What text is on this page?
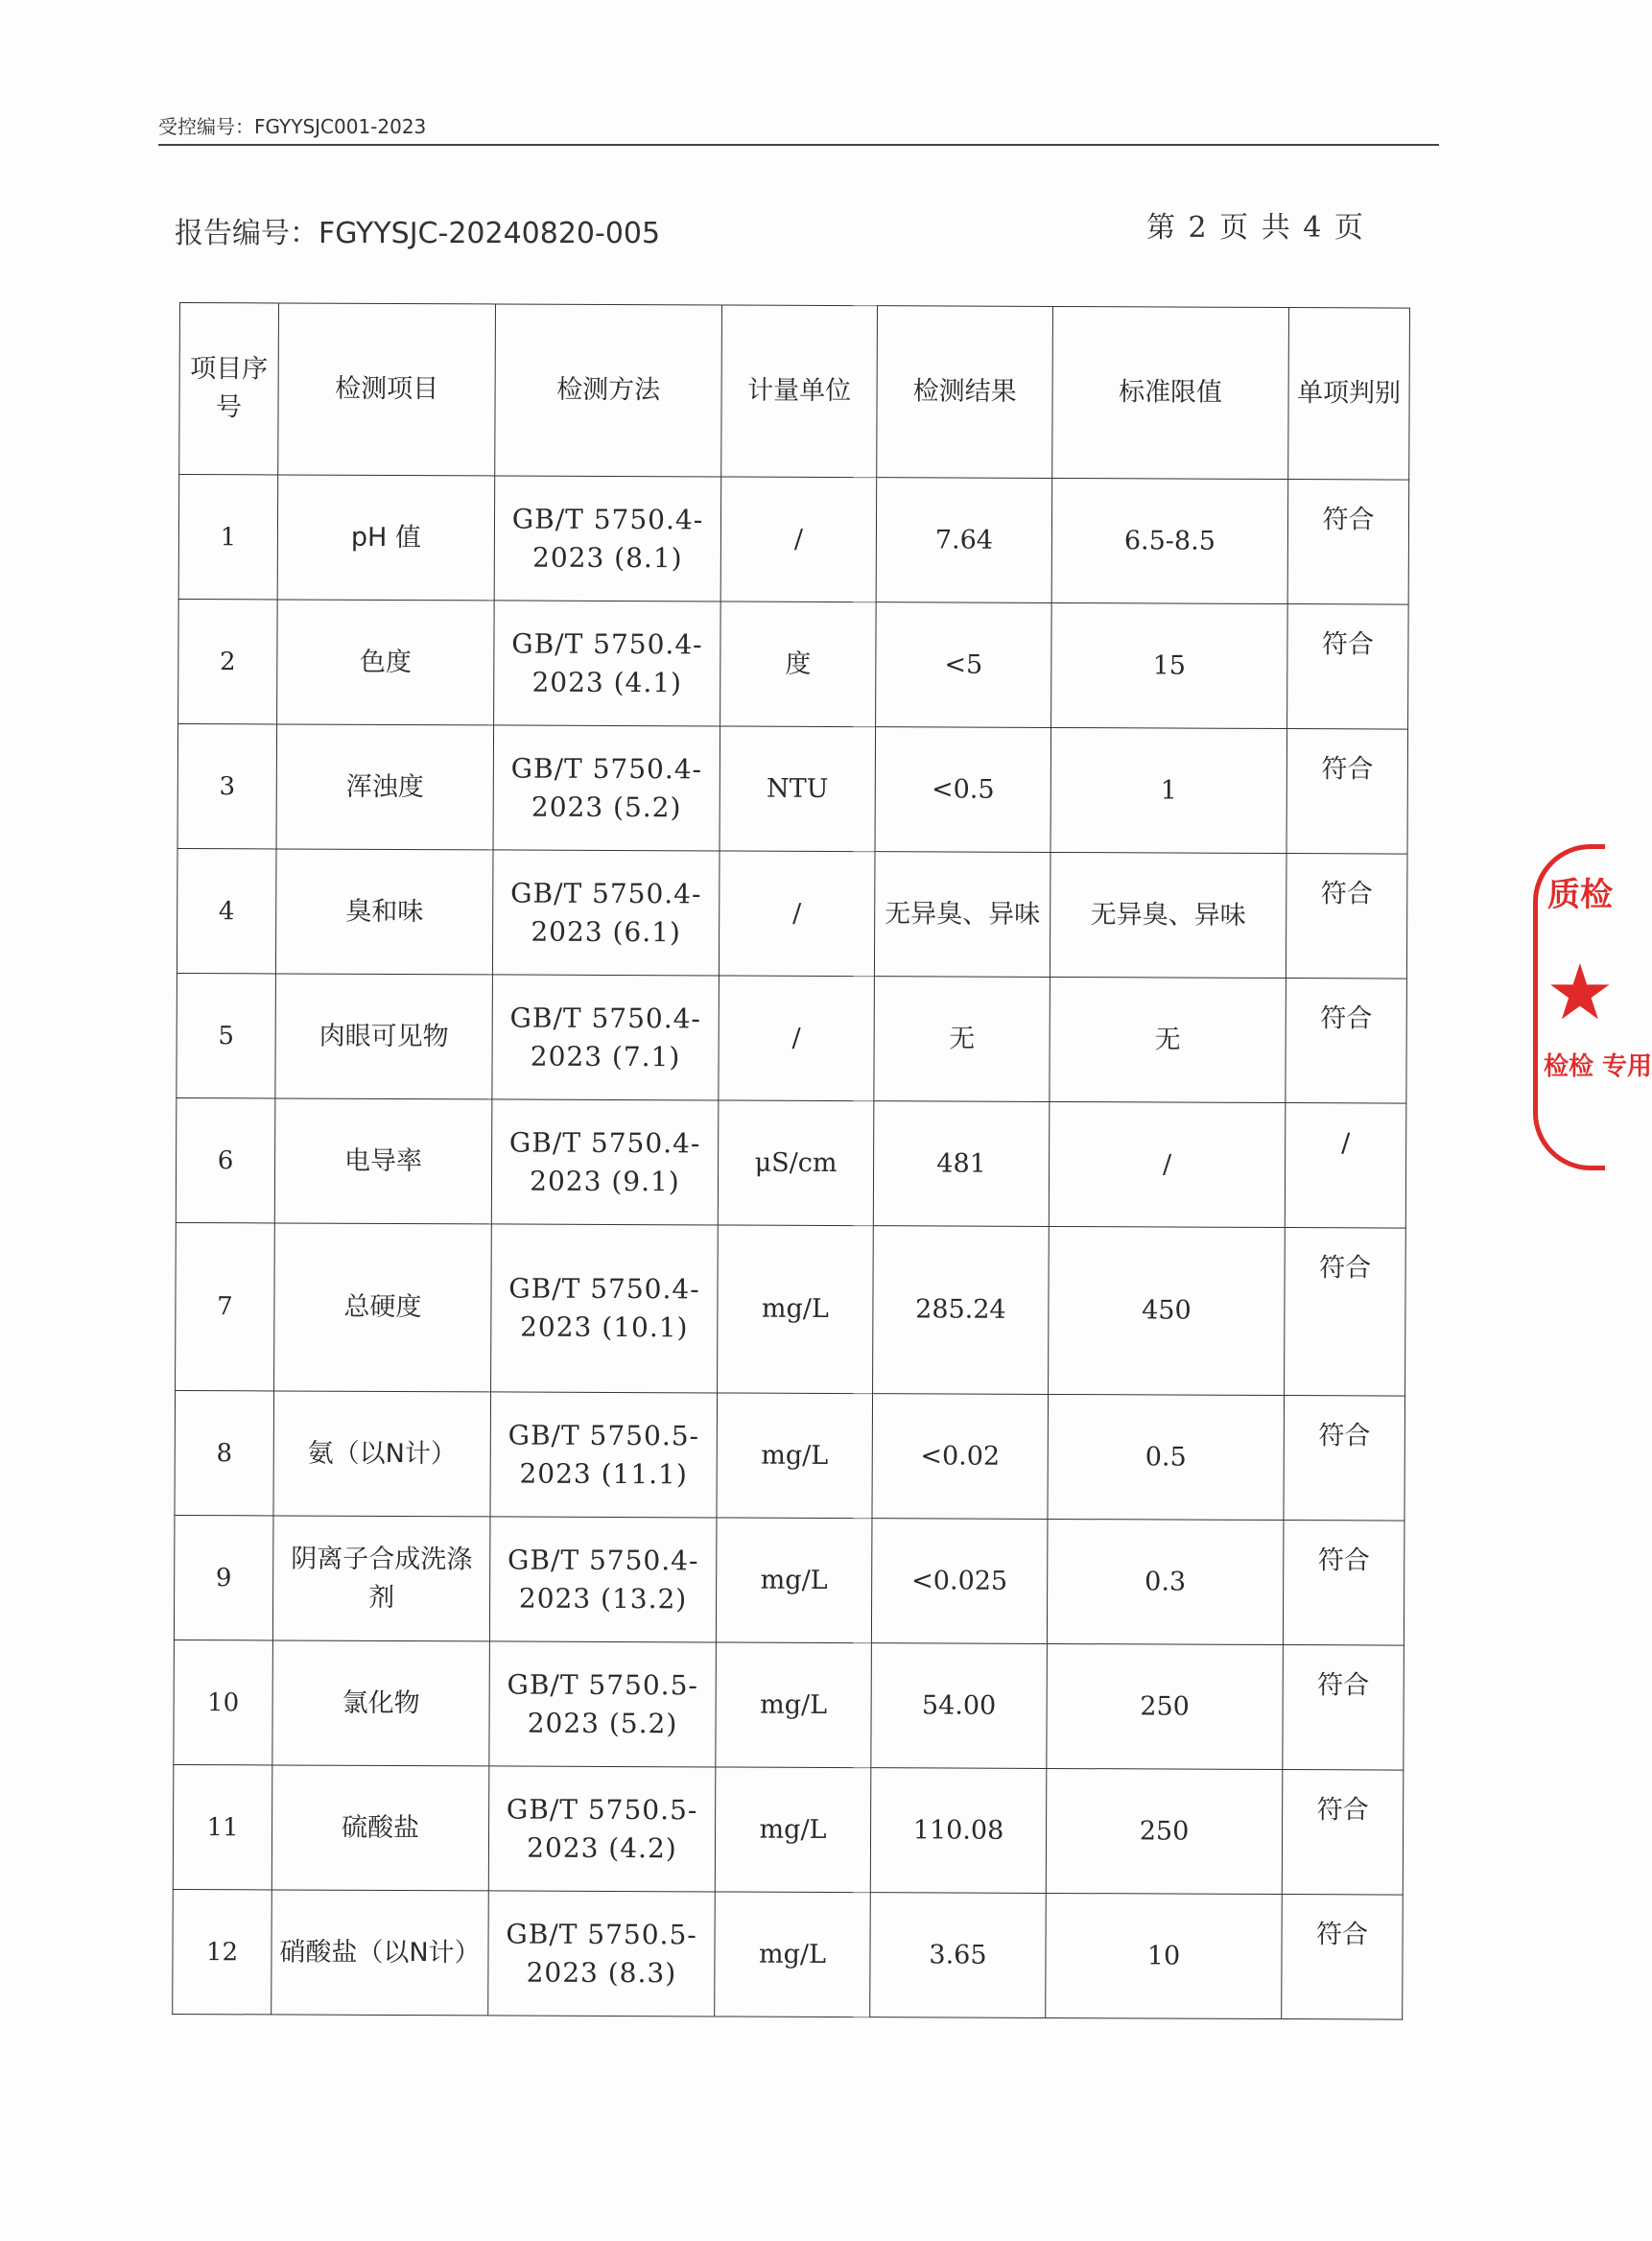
受控编号：FGYYSJC001-2023
报告编号：FGYYSJC-20240820-005	第 2 页 共 4 页
项目序号	检测项目	检测方法	计量单位	检测结果	标准限值	单项判别
1	pH 值	GB/T 5750.4-2023 (8.1)	/	7.64	6.5-8.5	符合
2	色度	GB/T 5750.4-2023 (4.1)	度	<5	15	符合
3	浑浊度	GB/T 5750.4-2023 (5.2)	NTU	<0.5	1	符合
4	臭和味	GB/T 5750.4-2023 (6.1)	/	无异臭、异味	无异臭、异味	符合
5	肉眼可见物	GB/T 5750.4-2023 (7.1)	/	无	无	符合
6	电导率	GB/T 5750.4-2023 (9.1)	μS/cm	481	/	/
7	总硬度	GB/T 5750.4-2023 (10.1)	mg/L	285.24	450	符合
8	氨（以N计）	GB/T 5750.5-2023 (11.1)	mg/L	<0.02	0.5	符合
9	阴离子合成洗涤剂	GB/T 5750.4-2023 (13.2)	mg/L	<0.025	0.3	符合
10	氯化物	GB/T 5750.5-2023 (5.2)	mg/L	54.00	250	符合
11	硫酸盐	GB/T 5750.5-2023 (4.2)	mg/L	110.08	250	符合
12	硝酸盐（以N计）	GB/T 5750.5-2023 (8.3)	mg/L	3.65	10	符合
质检
★
检检 专用
